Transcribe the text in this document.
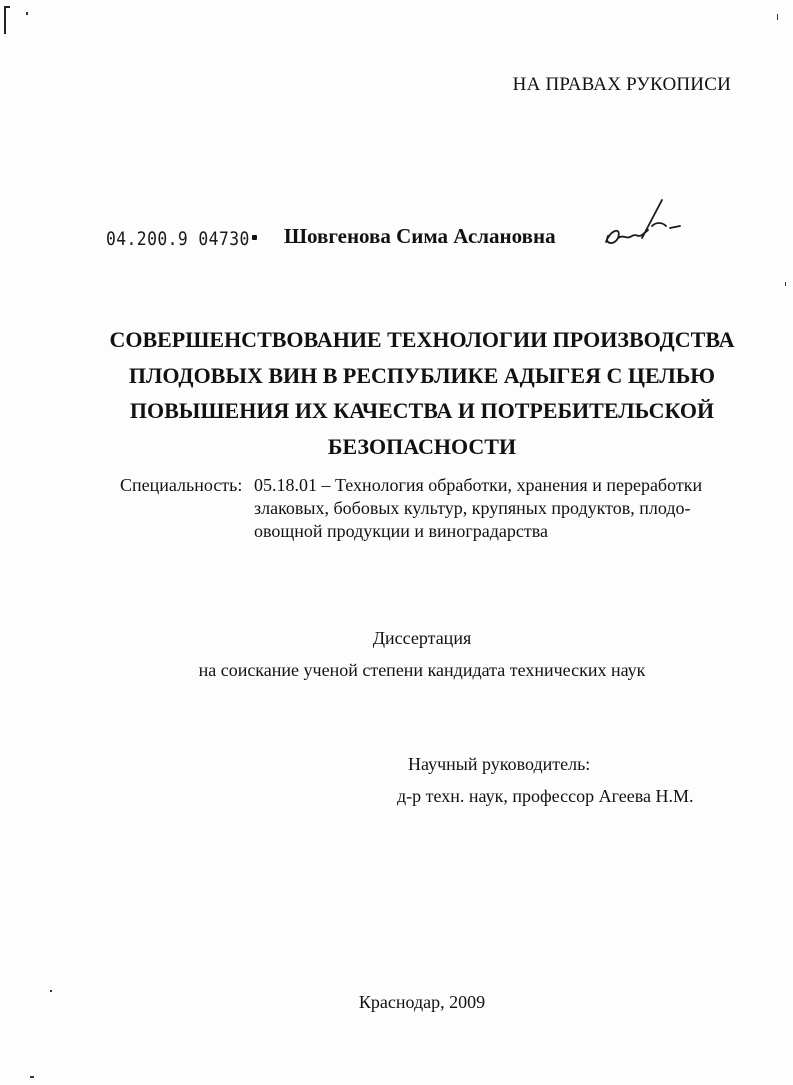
НА ПРАВАХ РУКОПИСИ
04.200.9 04730 Шовгенова Сима Аслановна
СОВЕРШЕНСТВОВАНИЕ ТЕХНОЛОГИИ ПРОИЗВОДСТВА
ПЛОДОВЫХ ВИН В РЕСПУБЛИКЕ АДЫГЕЯ С ЦЕЛЬЮ
ПОВЫШЕНИЯ ИХ КАЧЕСТВА И ПОТРЕБИТЕЛЬСКОЙ
БЕЗОПАСНОСТИ
Специальность: 05.18.01 – Технология обработки, хранения и переработки
злаковых, бобовых культур, крупяных продуктов, плодо-
овощной продукции и виноградарства
Диссертация
на соискание ученой степени кандидата технических наук
Научный руководитель:
д-р техн. наук, профессор Агеева Н.М.
Краснодар, 2009
